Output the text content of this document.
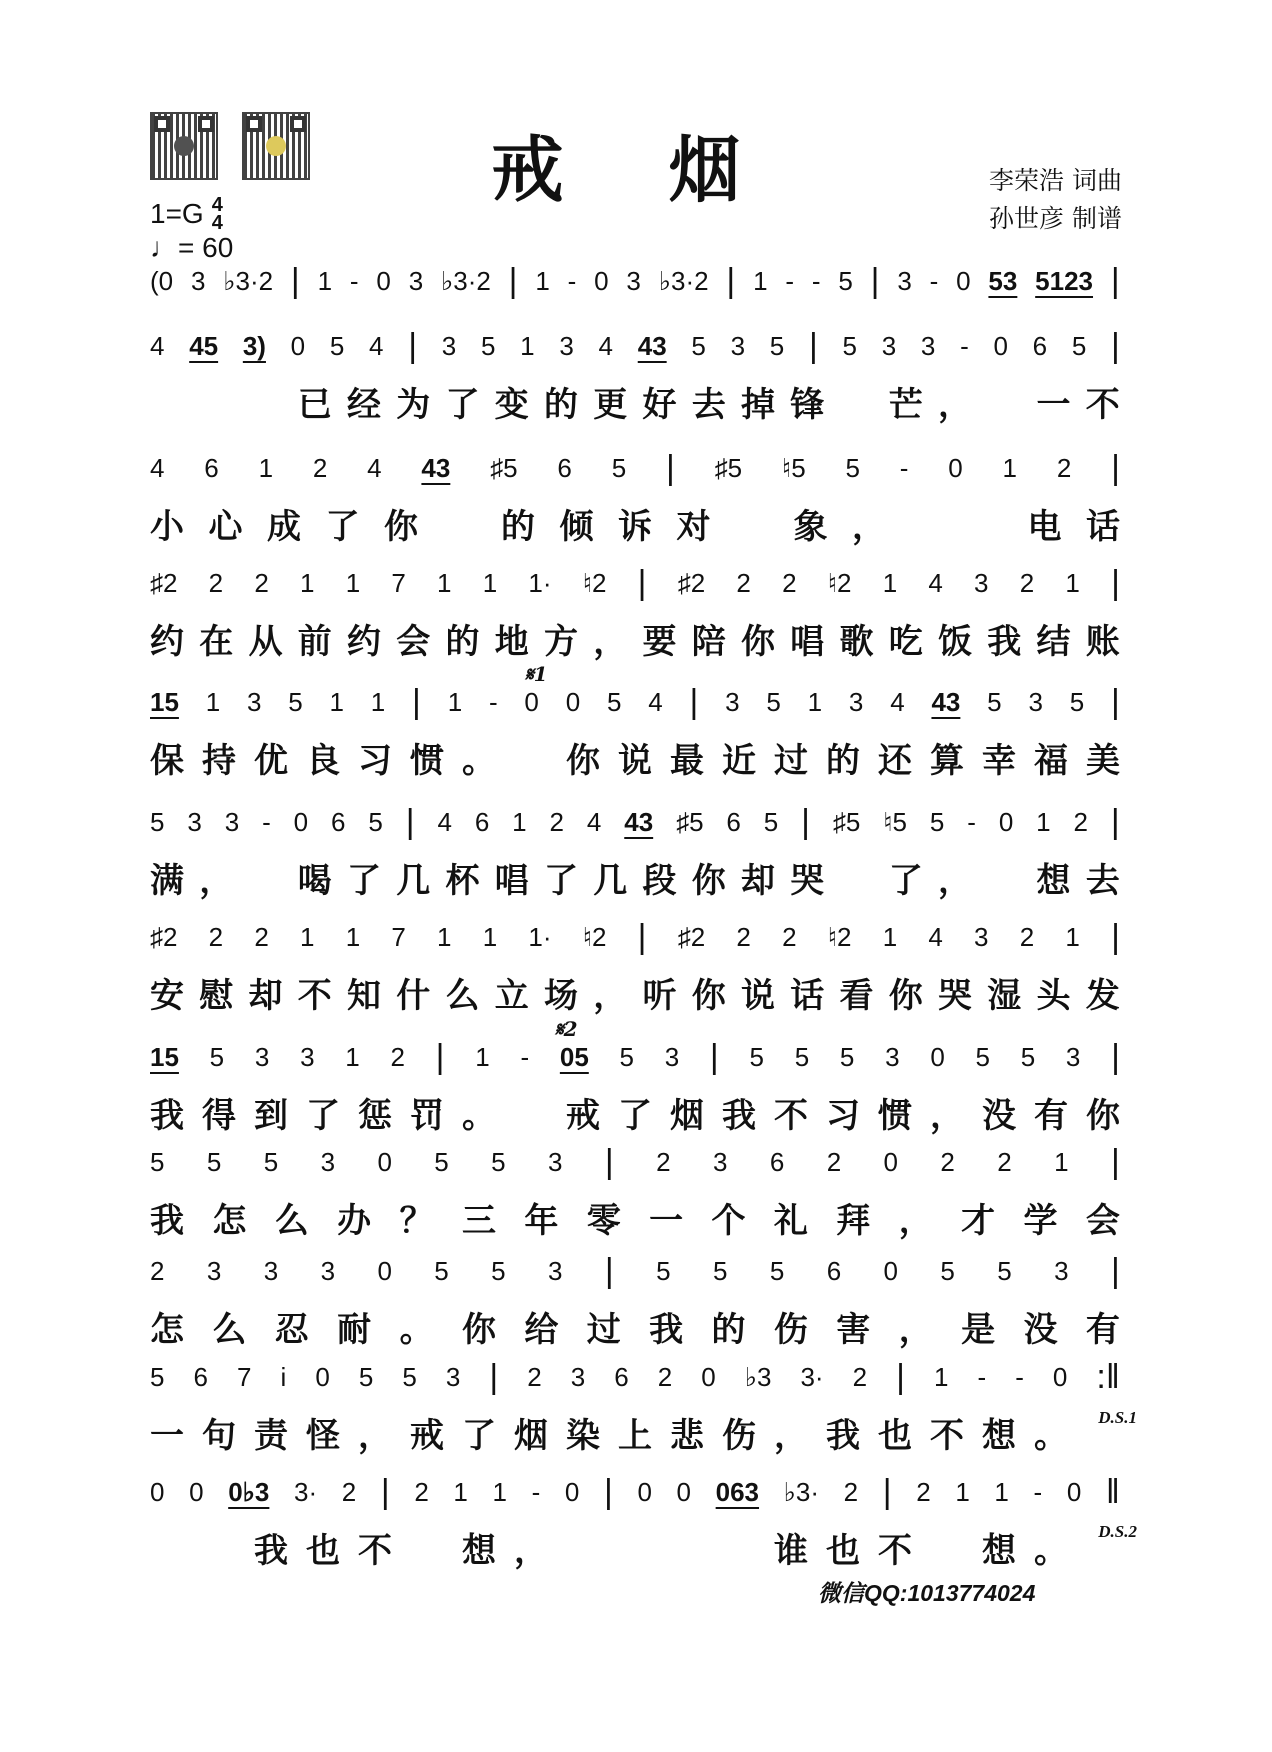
戒 烟	李荣浩 词曲
孙世彦 制谱
1=G 4
4
♩= 60
(0 3 ♭3·2 | 1 - 0 3 ♭3·2 | 1 - 0 3 ♭3·2 | 1 - - 5 | 3 - 0 53 5123 |
4 45 3) 0 5 4 | 3 5 1 3 4 43 5 3 5 | 5 3 3 - 0 6 5 |

已 经 为 了 变 的 更 好 去 掉 锋
　 芒 ，
　 一 不
4 6 1 2 4 43 ♯5 6 5 | ♯5 ♮5 5 - 0 1 2 |
小 心 成 了 你
　 的 倾 诉 对
　 象 ，

　	电 话
♯2 2 2 1 1 7 1 1 1· ♮2 | ♯2 2 2 ♮2 1 4 3 2 1 |
约 在 从 前 约 会 的 地 方 ， 要 陪 你 唱 歌 吃 饭 我 结 账
15 1 3 5 1 1 | 1 - 0 0 5 4 | 3 5 1 3 4 43 5 3 5 |
保 持 优 良 习 惯 。
　 你 说 最 近 过 的 还 算 幸 福 美
5 3 3 - 0 6 5 | 4 6 1 2 4 43 ♯5 6 5 | ♯5 ♮5 5 - 0 1 2 |
满 ，
　 喝 了 几 杯 唱 了 几 段 你 却 哭
　 了 ，
　 想 去
♯2 2 2 1 1 7 1 1 1· ♮2 | ♯2 2 2 ♮2 1 4 3 2 1 |
安 慰 却 不 知 什 么 立 场 ， 听 你 说 话 看 你 哭 湿 头 发
15 5 3 3 1 2 | 1 - 05 5 3 | 5 5 5 3 0 5 5 3 |
我 得 到 了 惩 罚 。
　 戒 了 烟 我 不 习 惯 ， 没 有 你
5 5 5 3 0 5 5 3 | 2 3 6 2 0 2 2 1 |
我 怎 么 办 ？ 三 年 零 一 个 礼 拜 ， 才 学 会
2 3 3 3 0 5 5 3 | 5 5 5 6 0 5 5 3 |
怎 么 忍 耐 。 你 给 过 我 的 伤 害 ， 是 没 有
5 6 7 i 0 5 5 3 | 2 3 6 2 0 ♭3 3· 2 | 1 - - 0 :‖
一 句 责 怪 ， 戒 了 烟 染 上 悲 伤 ， 我 也 不 想 。

0 0 0♭3 3· 2 | 2 1 1 - 0 | 0 0 063 ♭3· 2 | 2 1 1 - 0 ‖

我 也 不
　 想 ，

　	谁 也 不
　 想 。

𝄋1
𝄋2
D.S.1
D.S.2
微信QQ:1013774024
